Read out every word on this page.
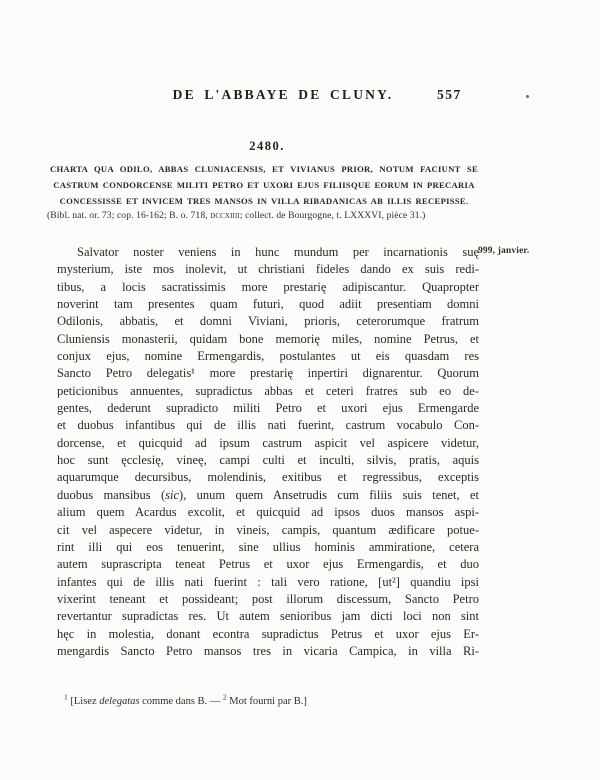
DE L'ABBAYE DE CLUNY.	557
2480.
CHARTA QUA ODILO, ABBAS CLUNIACENSIS, ET VIVIANUS PRIOR, NOTUM FACIUNT SE
CASTRUM CONDORCENSE MILITI PETRO ET UXORI EJUS FILIISQUE EORUM IN PRECARIA
CONCESSISSE ET INVICEM TRES MANSOS IN VILLA RIBADANICAS AB ILLIS RECEPISSE.
(Bibl. nat. or. 73; cop. 16-162; B. o. 718, dccxiiii; collect. de Bourgogne, t. LXXXVI, pièce 31.)
999, janvier.
Salvator noster veniens in hunc mundum per incarnationis suę
mysterium, iste mos inolevit, ut christiani fideles dando ex suis redi-
tibus, a locis sacratissimis more prestarię adipiscantur. Quapropter
noverint tam presentes quam futuri, quod adiit presentiam domni
Odilonis, abbatis, et domni Viviani, prioris, ceterorumque fratrum
Cluniensis monasterii, quidam bone memorię miles, nomine Petrus, et
conjux ejus, nomine Ermengardis, postulantes ut eis quasdam res
Sancto Petro delegatis¹ more prestarię inpertiri dignarentur. Quorum
peticionibus annuentes, supradictus abbas et ceteri fratres sub eo de-
gentes, dederunt supradicto militi Petro et uxori ejus Ermengarde
et duobus infantibus qui de illis nati fuerint, castrum vocabulo Con-
dorcense, et quicquid ad ipsum castrum aspicit vel aspicere videtur,
hoc sunt ęcclesię, vineę, campi culti et inculti, silvis, pratis, aquis
aquarumque decursibus, molendinis, exitibus et regressibus, exceptis
duobus mansibus (sic), unum quem Ansetrudis cum filiis suis tenet, et
alium quem Acardus excolit, et quicquid ad ipsos duos mansos aspi-
cit vel aspecere videtur, in vineis, campis, quantum ædificare potue-
rint illi qui eos tenuerint, sine ullius hominis ammiratione, cetera
autem suprascripta teneat Petrus et uxor ejus Ermengardis, et duo
infantes qui de illis nati fuerint : tali vero ratione, [ut²] quandiu ipsi
vixerint teneant et possideant; post illorum discessum, Sancto Petro
revertantur supradictas res. Ut autem senioribus jam dicti loci non sint
hęc in molestia, donant econtra supradictus Petrus et uxor ejus Er-
mengardis Sancto Petro mansos tres in vicaria Campica, in villa Ri-
$^1$ [Lisez delegatas comme dans B. — $^2$ Mot fourni par B.]
